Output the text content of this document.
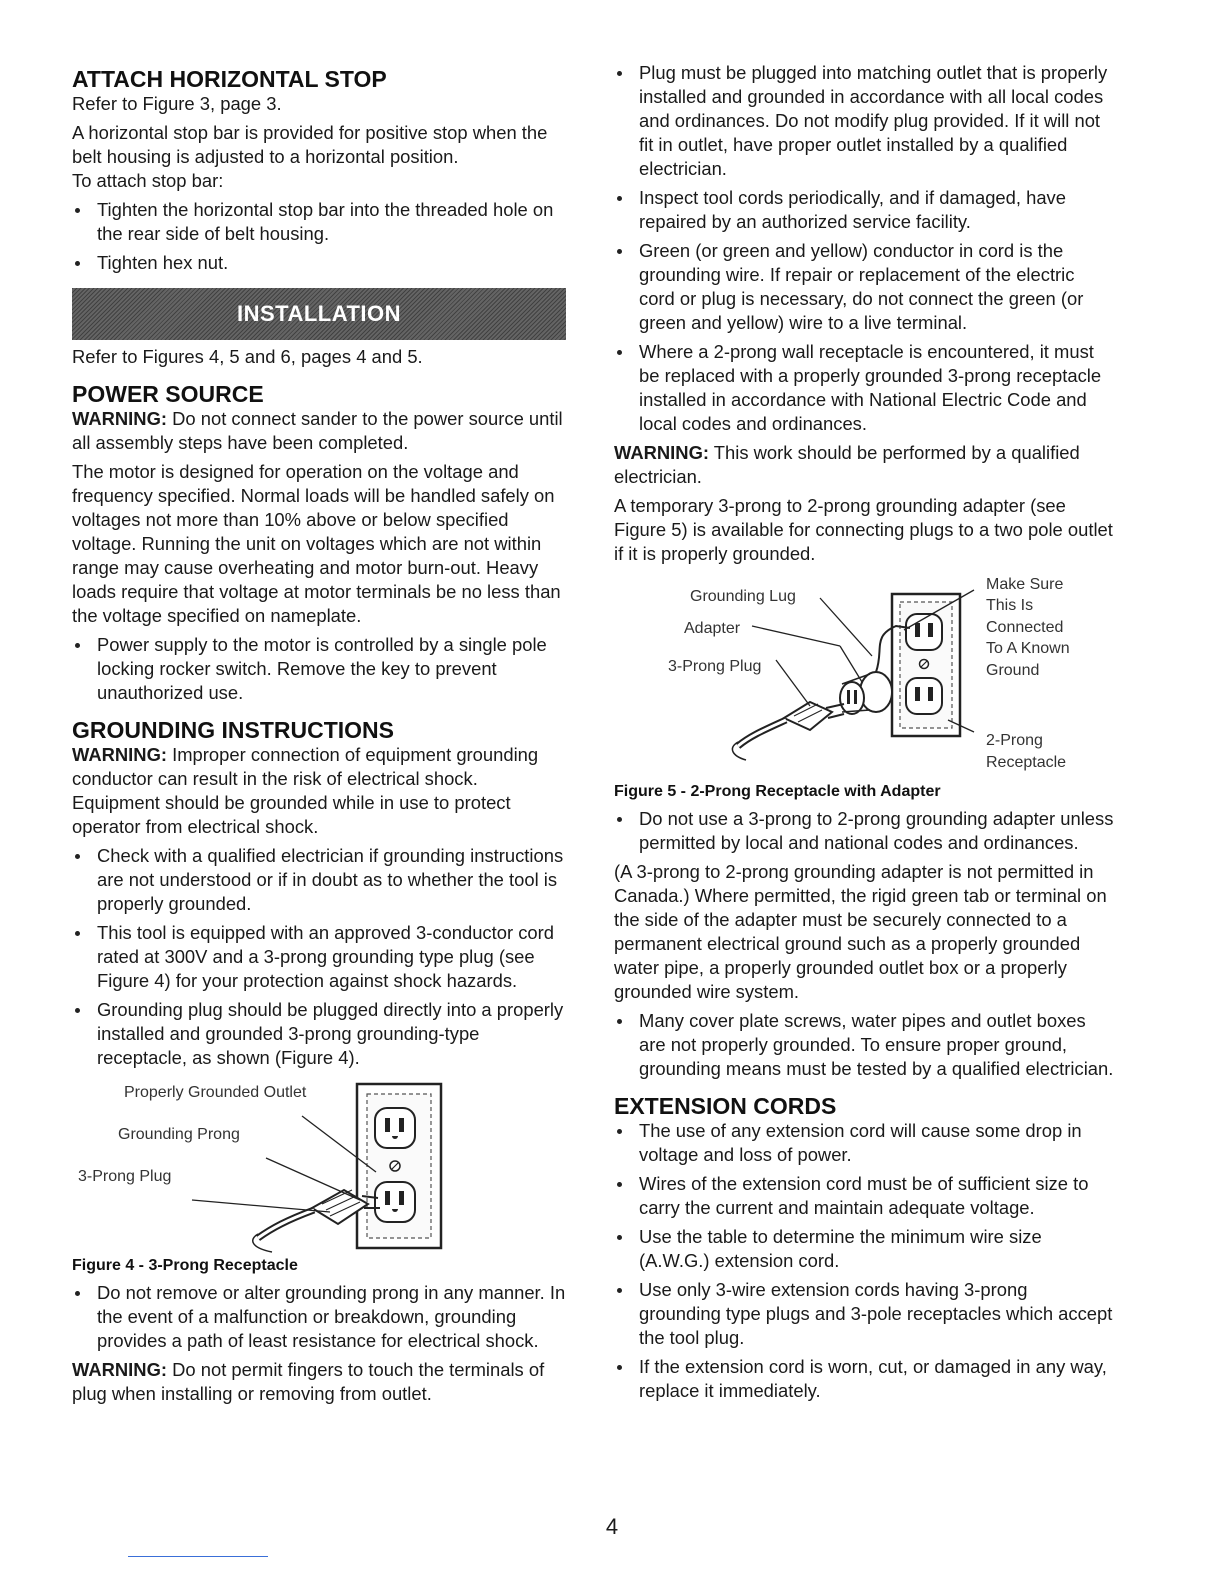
ATTACH HORIZONTAL STOP

Refer to Figure 3, page 3.

A horizontal stop bar is provided for positive stop when the belt housing is adjusted to a horizontal position.

To attach stop bar:

Tighten the horizontal stop bar into the threaded hole on the rear side of belt housing.
Tighten hex nut.
INSTALLATION

Refer to Figures 4, 5 and 6, pages 4 and 5.

POWER SOURCE

WARNING: Do not connect sander to the power source until all assembly steps have been completed.

The motor is designed for operation on the voltage and frequency specified. Normal loads will be handled safely on voltages not more than 10% above or below specified voltage. Running the unit on voltages which are not within range may cause overheating and motor burn-out. Heavy loads require that voltage at motor terminals be no less than the voltage specified on nameplate.

Power supply to the motor is controlled by a single pole locking rocker switch. Remove the key to prevent unauthorized use.

GROUNDING INSTRUCTIONS

WARNING: Improper connection of equipment grounding conductor can result in the risk of electrical shock. Equipment should be grounded while in use to protect operator from electrical shock.

Check with a qualified electrician if grounding instructions are not understood or if in doubt as to whether the tool is properly grounded.
This tool is equipped with an approved 3-conductor cord rated at 300V and a 3-prong grounding type plug (see Figure 4) for your protection against shock hazards.
Grounding plug should be plugged directly into a properly installed and grounded 3-prong grounding-type receptacle, as shown (Figure 4).
Properly Grounded Outlet
Grounding Prong
3-Prong Plug

Figure 4 - 3-Prong Receptacle

Do not remove or alter grounding prong in any manner. In the event of a malfunction or breakdown, grounding provides a path of least resistance for electrical shock.

WARNING: Do not permit fingers to touch the terminals of plug when installing or removing from outlet.

Plug must be plugged into matching outlet that is properly installed and grounded in accordance with all local codes and ordinances. Do not modify plug provided. If it will not fit in outlet, have proper outlet installed by a qualified electrician.
Inspect tool cords periodically, and if damaged, have repaired by an authorized service facility.
Green (or green and yellow) conductor in cord is the grounding wire. If repair or replacement of the electric cord or plug is necessary, do not connect the green (or green and yellow) wire to a live terminal.
Where a 2-prong wall receptacle is encountered, it must be replaced with a properly grounded 3-prong receptacle installed in accordance with National Electric Code and local codes and ordinances.

WARNING: This work should be performed by a qualified electrician.

A temporary 3-prong to 2-prong grounding adapter (see Figure 5) is available for connecting plugs to a two pole outlet if it is properly grounded.

Grounding Lug
Adapter
3-Prong Plug
Make Sure
This Is
Connected
To A Known
Ground
2-Prong
Receptacle

Figure 5 - 2-Prong Receptacle with Adapter

Do not use a 3-prong to 2-prong grounding adapter unless permitted by local and national codes and ordinances.

(A 3-prong to 2-prong grounding adapter is not permitted in Canada.) Where permitted, the rigid green tab or terminal on the side of the adapter must be securely connected to a permanent electrical ground such as a properly grounded water pipe, a properly grounded outlet box or a properly grounded wire system.

Many cover plate screws, water pipes and outlet boxes are not properly grounded. To ensure proper ground, grounding means must be tested by a qualified electrician.

EXTENSION CORDS

The use of any extension cord will cause some drop in voltage and loss of power.
Wires of the extension cord must be of sufficient size to carry the current and maintain adequate voltage.
Use the table to determine the minimum wire size (A.W.G.) extension cord.
Use only 3-wire extension cords having 3-prong grounding type plugs and 3-pole receptacles which accept the tool plug.
If the extension cord is worn, cut, or damaged in any way, replace it immediately.
4
